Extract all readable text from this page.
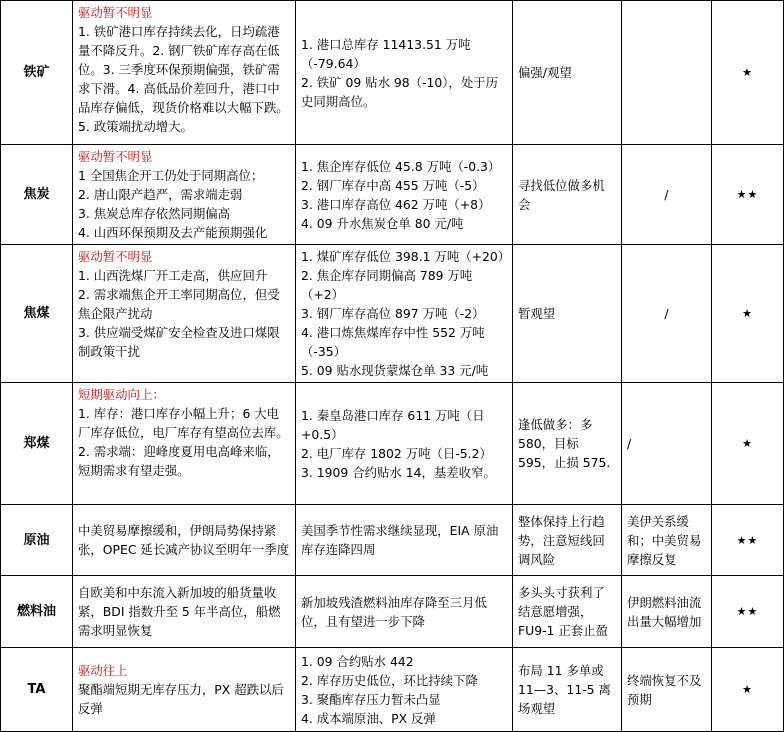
铁矿	驱动暂不明显
1. 铁矿港口库存持续去化，日均疏港量不降反升。2. 钢厂铁矿库存高在低位。3. 三季度环保预期偏强，铁矿需求下滑。4. 高低品价差回升，港口中品库存偏低，现货价格难以大幅下跌。5. 政策端扰动增大。	1. 港口总库存 11413.51 万吨（-79.64）
2. 铁矿 09 贴水 98（-10），处于历史同期高位。	偏强/观望		★
焦炭	驱动暂不明显
1 全国焦企开工仍处于同期高位；
2. 唐山限产趋严，需求端走弱
3. 焦炭总库存依然同期偏高
4. 山西环保预期及去产能预期强化	1. 焦企库存低位 45.8 万吨（-0.3）
2. 钢厂库存中高 455 万吨（-5）
3. 港口库存高位 462 万吨（+8）
4. 09 升水焦炭仓单 80 元/吨	寻找低位做多机会	/	★★
焦煤	驱动暂不明显
1. 山西洗煤厂开工走高，供应回升
2. 需求端焦企开工率同期高位，但受焦企限产扰动
3. 供应端受煤矿安全检查及进口煤限制政策干扰	1. 煤矿库存低位 398.1 万吨（+20）
2. 焦企库存同期偏高 789 万吨（+2）
3. 钢厂库存高位 897 万吨（-2）
4. 港口炼焦煤库存中性 552 万吨（-35）
5. 09 贴水现货蒙煤仓单 33 元/吨	暂观望	/	★
郑煤	短期驱动向上：
1. 库存：港口库存小幅上升；6 大电厂库存低位，电厂库存有望高位去库。
2. 需求端：迎峰度夏用电高峰来临，短期需求有望走强。	1. 秦皇岛港口库存 611 万吨（日+0.5）
2. 电厂库存 1802 万吨（日-5.2）
3. 1909 合约贴水 14，基差收窄。	逢低做多：多 580，目标 595，止损 575.	/	★
原油	中美贸易摩擦缓和，伊朗局势保持紧张，OPEC 延长减产协议至明年一季度	美国季节性需求继续显现，EIA 原油库存连降四周	整体保持上行趋势，注意短线回调风险	美伊关系缓和；中美贸易摩擦反复	★★
燃料油	自欧美和中东流入新加坡的船货量收紧，BDI 指数升至 5 年半高位，船燃需求明显恢复	新加坡残渣燃料油库存降至三月低位，且有望进一步下降	多头头寸获利了结意愿增强，FU9-1 正套止盈	伊朗燃料油流出量大幅增加	★★
TA	驱动往上
聚酯端短期无库存压力，PX 超跌以后反弹	1. 09 合约贴水 442
2. 库存历史低位，环比持续下降
3. 聚酯库存压力暂未凸显
4. 成本端原油、PX 反弹	布局 11 多单或 11—3、11-5 离场观望	终端恢复不及预期	★
